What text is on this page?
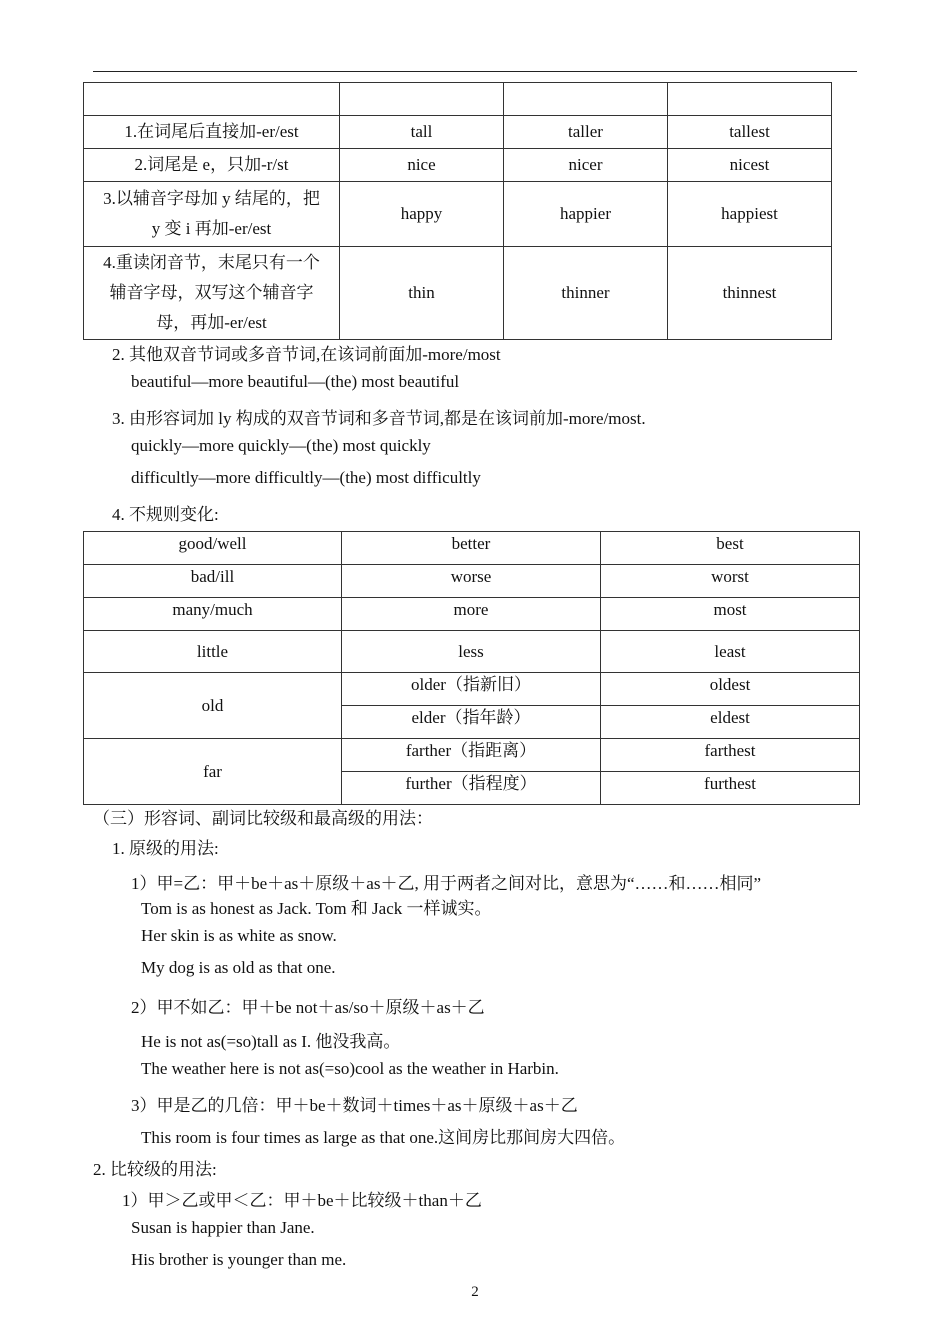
1.在词尾后直接加-er/est	tall	taller	tallest
2.词尾是 e，只加-r/st	nice	nicer	nicest

3.以辅音字母加 y 结尾的，把
y 变 i 再加-er/est	happy	happier	happiest

4.重读闭音节，末尾只有一个
辅音字母，双写这个辅音字
母，再加-er/est	thin	thinner	thinnest
2. 其他双音节词或多音节词,在该词前面加-more/most
beautiful—more beautiful—(the) most beautiful
3. 由形容词加 ly 构成的双音节词和多音节词,都是在该词前加-more/most.
quickly—more quickly—(the) most quickly
difficultly—more difficultly—(the) most difficultly
4. 不规则变化:
good/well	better	best
bad/ill	worse	worst
many/much	more	most
little	less	least
old	older（指新旧）	oldest
	elder（指年龄）	eldest
far	farther（指距离）	farthest
	further（指程度）	furthest
（三）形容词、副词比较级和最高级的用法：
1. 原级的用法:
1）甲=乙：甲＋be＋as＋原级＋as＋乙, 用于两者之间对比，意思为“……和……相同”
Tom is as honest as Jack. Tom 和 Jack 一样诚实。
Her skin is as white as snow.
My dog is as old as that one.
2）甲不如乙：甲＋be not＋as/so＋原级＋as＋乙
He is not as(=so)tall as I. 他没我高。
The weather here is not as(=so)cool as the weather in Harbin.
3）甲是乙的几倍：甲＋be＋数词＋times＋as＋原级＋as＋乙
This room is four times as large as that one.这间房比那间房大四倍。
2. 比较级的用法:
1）甲＞乙或甲＜乙：甲＋be＋比较级＋than＋乙
Susan is happier than Jane.
His brother is younger than me.
2
